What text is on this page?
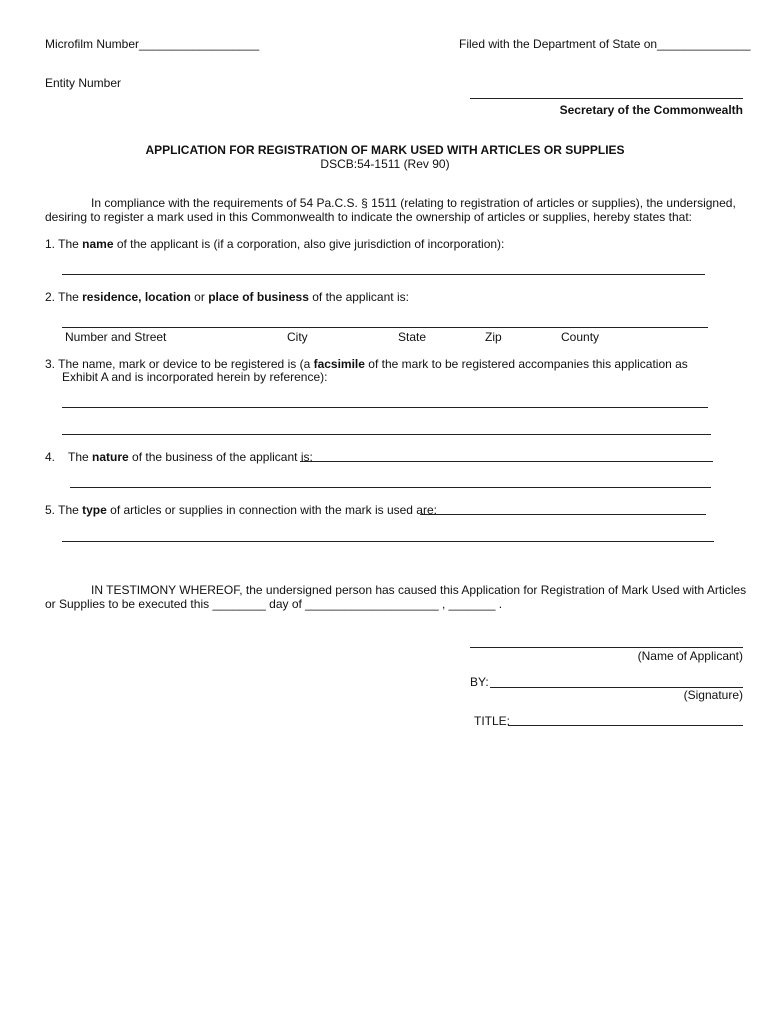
Microfilm Number__________________	Filed with the Department of State on______________
Entity Number
Secretary of the Commonwealth
APPLICATION FOR REGISTRATION OF MARK USED WITH ARTICLES OR SUPPLIES
DSCB:54-1511 (Rev 90)
In compliance with the requirements of 54 Pa.C.S. § 1511 (relating to registration of articles or supplies), the undersigned,
desiring to register a mark used in this Commonwealth to indicate the ownership of articles or supplies, hereby states that:
1. The name of the applicant is (if a corporation, also give jurisdiction of incorporation):
2. The residence, location or place of business of the applicant is:
Number and Street	City	State	Zip	County
3. The name, mark or device to be registered is (a facsimile of the mark to be registered accompanies this application as
Exhibit A and is incorporated herein by reference):
4. The nature of the business of the applicant is:
5. The type of articles or supplies in connection with the mark is used are:
IN TESTIMONY WHEREOF, the undersigned person has caused this Application for Registration of Mark Used with Articles
or Supplies to be executed this ________ day of ____________________ , _______ .
(Name of Applicant)
BY:
(Signature)
TITLE:
